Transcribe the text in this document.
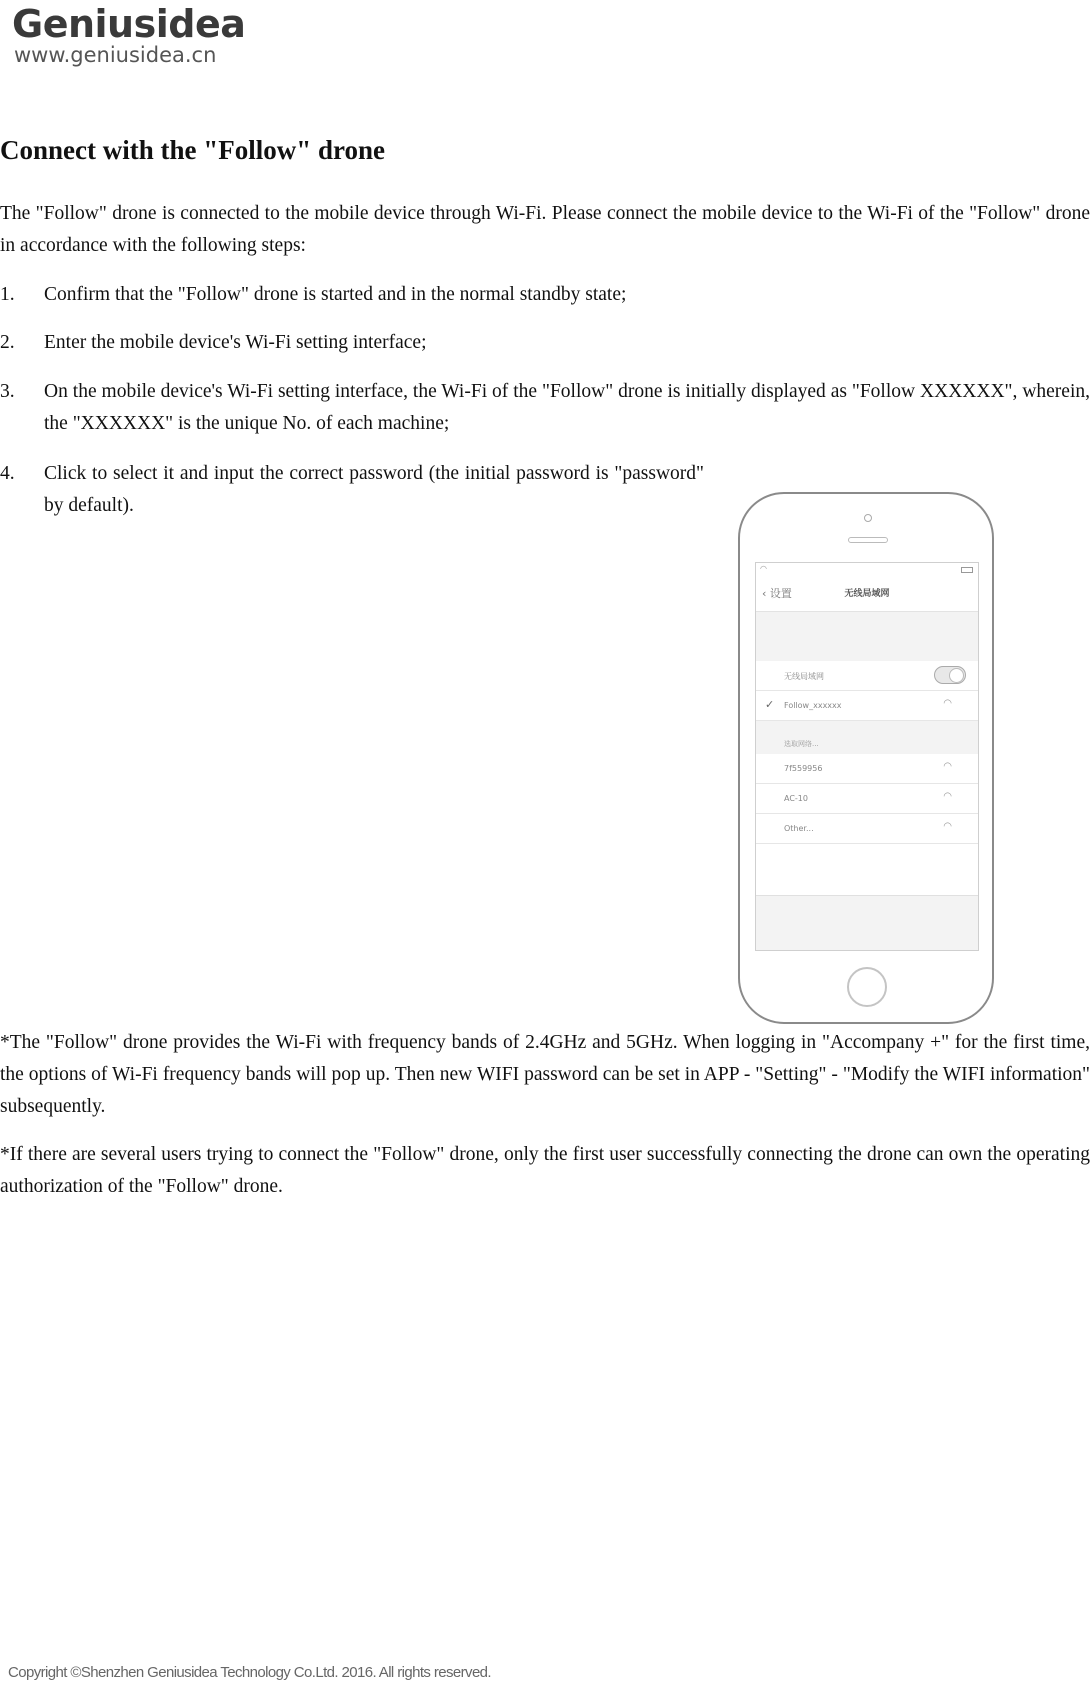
Geniusidea
www.geniusidea.cn
Connect with the "Follow" drone

The "Follow" drone is connected to the mobile device through Wi-Fi. Please connect the mobile device to the Wi-Fi of the "Follow" drone in accordance with the following steps:

1. Confirm that the "Follow" drone is started and in the normal standby state;
2. Enter the mobile device's Wi-Fi setting interface;
3. On the mobile device's Wi-Fi setting interface, the Wi-Fi of the "Follow" drone is initially displayed as "Follow XXXXXX", wherein, the "XXXXXX" is the unique No. of each machine;
4. Click to select it and input the correct password (the initial password is "password" by default).
◠
‹ 设置	无线局域网
无线局域网
✓ Follow_xxxxxx	◠
选取网络...
7f559956	◠
AC-10	◠
Other...	◠

*The "Follow" drone provides the Wi-Fi with frequency bands of 2.4GHz and 5GHz. When logging in "Accompany +" for the first time, the options of Wi-Fi frequency bands will pop up. Then new WIFI password can be set in APP - "Setting" - "Modify the WIFI information" subsequently.

*If there are several users trying to connect the "Follow" drone, only the first user successfully connecting the drone can own the operating authorization of the "Follow" drone.

Copyright ©Shenzhen Geniusidea Technology Co.Ltd. 2016. All rights reserved.
